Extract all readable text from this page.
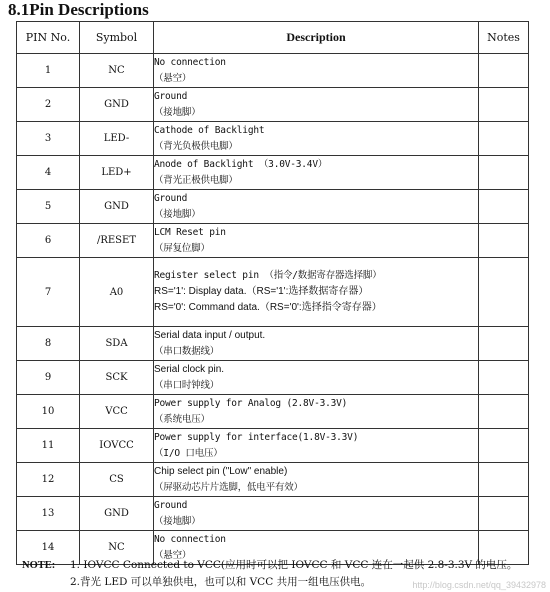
8.1Pin Descriptions
PIN No.	Symbol	Description	Notes
1	NC	No connection
（悬空）	

2	GND	Ground
（接地脚）	

3	LED-	Cathode of Backlight
（背光负极供电脚）	

4	LED+	Anode of Backlight （3.0V-3.4V）
（背光正极供电脚）	

5	GND	Ground
（接地脚）	

6	/RESET	LCM Reset pin
（屏复位脚）	

7	A0	Register select pin （指令/数据寄存器选择脚）
RS='1': Display data.（RS='1':选择数据寄存器）
RS='0': Command data.（RS='0':选择指令寄存器）	

8	SDA	Serial data input / output.
（串口数据线）	

9	SCK	Serial clock pin.
（串口时钟线）	

10	VCC	Power supply for Analog (2.8V-3.3V)
（系统电压）	

11	IOVCC	Power supply for interface(1.8V-3.3V)
（I/O 口电压）	

12	CS	Chip select pin ("Low" enable)
（屏驱动芯片片选脚，低电平有效）	

13	GND	Ground
（接地脚）	

14	NC	No connection
（悬空）	

NOTE: 1. IOVCC Connected to VCC(应用时可以把 IOVCC 和 VCC 连在一起供 2.8-3.3V 的电压。
2.背光 LED 可以单独供电，也可以和 VCC 共用一组电压供电。	http://blog.csdn.net/qq_39432978
